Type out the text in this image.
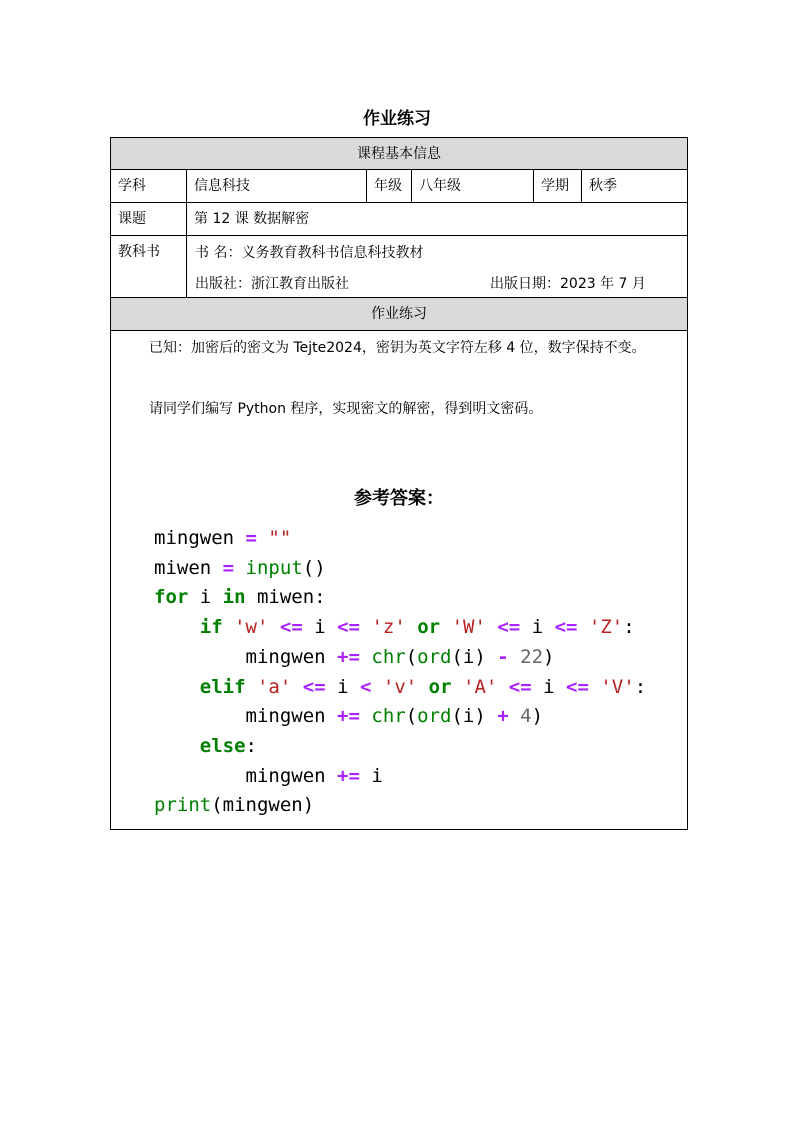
作业练习
课程基本信息
学科	信息科技	年级	八年级	学期	秋季
课题	第 12 课 数据解密
教科书	书 名：义务教育教科书信息科技教材
出版社：浙江教育出版社	出版日期：2023 年 7 月
作业练习
已知：加密后的密文为 Tejte2024，密钥为英文字符左移 4 位，数字保持不变。
请同学们编写 Python 程序，实现密文的解密，得到明文密码。
参考答案：
mingwen = ""
miwen = input()
for i in miwen:
if 'w' <= i <= 'z' or 'W' <= i <= 'Z':
mingwen += chr(ord(i) - 22)
elif 'a' <= i < 'v' or 'A' <= i <= 'V':
mingwen += chr(ord(i) + 4)
else:
mingwen += i
print(mingwen)
